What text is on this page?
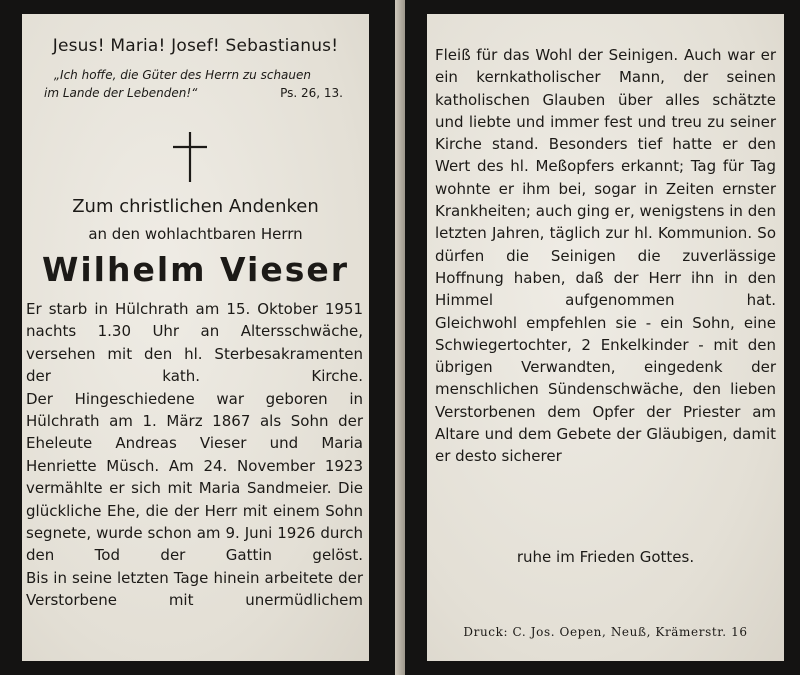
Jesus! Maria! Josef! Sebastianus!
„Ich hoffe, die Güter des Herrn zu schauen
im Lande der Lebenden!“	Ps. 26, 13.
Zum christlichen Andenken
an den wohlachtbaren Herrn
Wilhelm Vieser

Er starb in Hülchrath am 15. Oktober 1951 nachts 1.30 Uhr an Altersschwäche, versehen mit den hl. Sterbesakramenten der kath. Kirche.

Der Hingeschiedene war geboren in Hülchrath am 1. März 1867 als Sohn der Eheleute Andreas Vieser und Maria Henriette Müsch. Am 24. November 1923 vermählte er sich mit Maria Sandmeier. Die glückliche Ehe, die der Herr mit einem Sohn segnete, wurde schon am 9. Juni 1926 durch den Tod der Gattin gelöst.

Bis in seine letzten Tage hinein arbeitete der Verstorbene mit unermüdlichem

Fleiß für das Wohl der Seinigen. Auch war er ein kernkatholischer Mann, der seinen katholischen Glauben über alles schätzte und liebte und immer fest und treu zu seiner Kirche stand. Besonders tief hatte er den Wert des hl. Meßopfers erkannt; Tag für Tag wohnte er ihm bei, sogar in Zeiten ernster Krankheiten; auch ging er, wenigstens in den letzten Jahren, täglich zur hl. Kommunion. So dürfen die Seinigen die zuverlässige Hoffnung haben, daß der Herr ihn in den Himmel aufgenommen hat.

Gleichwohl empfehlen sie - ein Sohn, eine Schwiegertochter, 2 Enkelkinder - mit den übrigen Verwandten, eingedenk der menschlichen Sündenschwäche, den lieben Verstorbenen dem Opfer der Priester am Altare und dem Gebete der Gläubigen, damit er desto sicherer

ruhe im Frieden Gottes.
Druck: C. Jos. Oepen, Neuß, Krämerstr. 16
